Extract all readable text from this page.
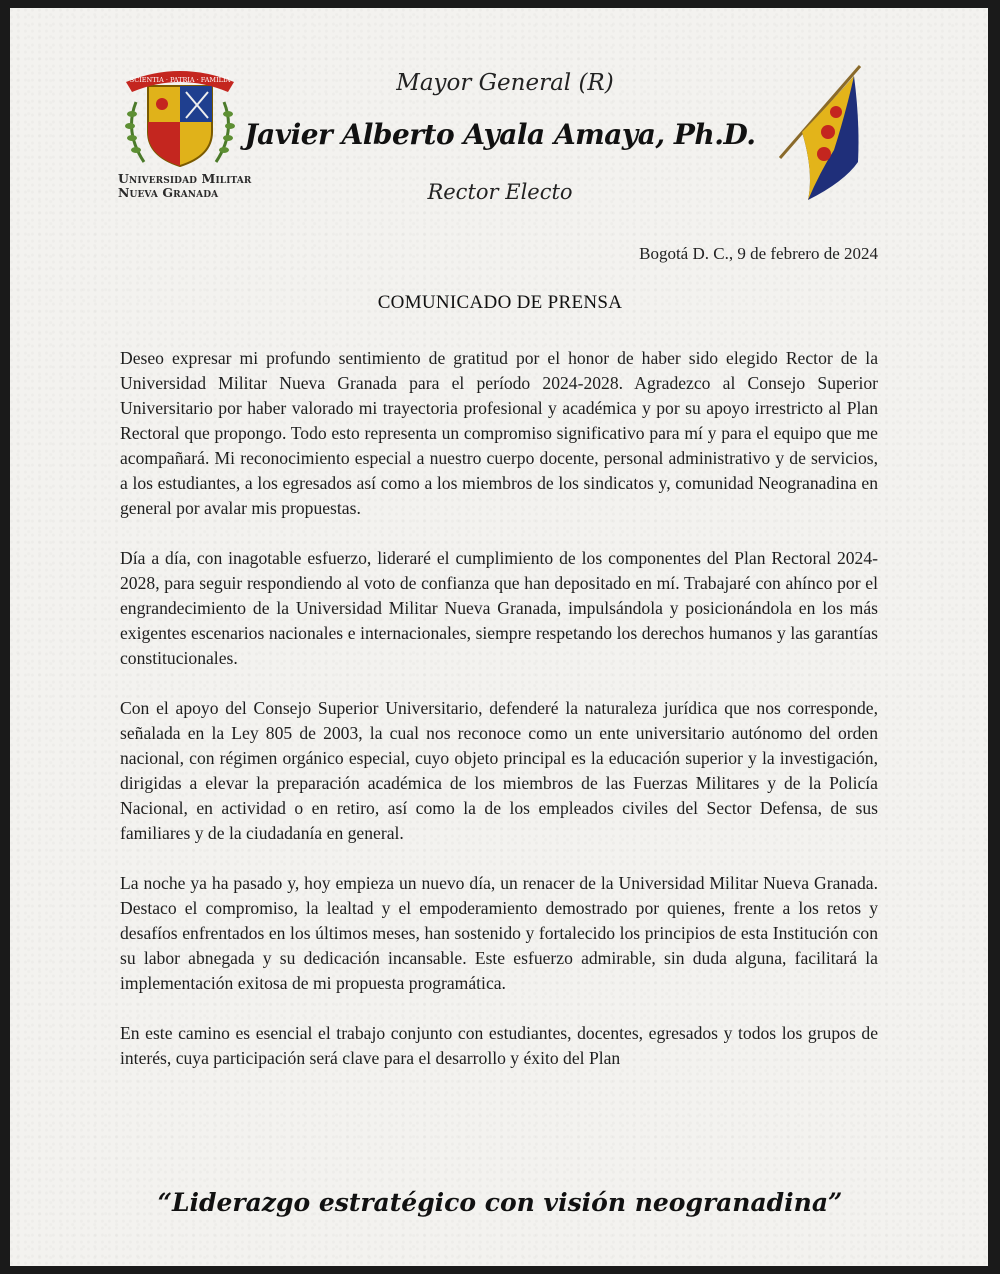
SCIENTIA · PATRIA · FAMILIA
Universidad Militar
Nueva Granada
Mayor General (R)
Javier Alberto Ayala Amaya, Ph.D.
Rector Electo
Bogotá D. C., 9 de febrero de 2024
COMUNICADO DE PRENSA

Deseo expresar mi profundo sentimiento de gratitud por el honor de haber sido elegido Rector de la Universidad Militar Nueva Granada para el período 2024-2028. Agradezco al Consejo Superior Universitario por haber valorado mi trayectoria profesional y académica y por su apoyo irrestricto al Plan Rectoral que propongo. Todo esto representa un compromiso significativo para mí y para el equipo que me acompañará. Mi reconocimiento especial a nuestro cuerpo docente, personal administrativo y de servicios, a los estudiantes, a los egresados así como a los miembros de los sindicatos y, comunidad Neogranadina en general por avalar mis propuestas.

Día a día, con inagotable esfuerzo, lideraré el cumplimiento de los componentes del Plan Rectoral 2024-2028, para seguir respondiendo al voto de confianza que han depositado en mí. Trabajaré con ahínco por el engrandecimiento de la Universidad Militar Nueva Granada, impulsándola y posicionándola en los más exigentes escenarios nacionales e internacionales, siempre respetando los derechos humanos y las garantías constitucionales.

Con el apoyo del Consejo Superior Universitario, defenderé la naturaleza jurídica que nos corresponde, señalada en la Ley 805 de 2003, la cual nos reconoce como un ente universitario autónomo del orden nacional, con régimen orgánico especial, cuyo objeto principal es la educación superior y la investigación, dirigidas a elevar la preparación académica de los miembros de las Fuerzas Militares y de la Policía Nacional, en actividad o en retiro, así como la de los empleados civiles del Sector Defensa, de sus familiares y de la ciudadanía en general.

La noche ya ha pasado y, hoy empieza un nuevo día, un renacer de la Universidad Militar Nueva Granada. Destaco el compromiso, la lealtad y el empoderamiento demostrado por quienes, frente a los retos y desafíos enfrentados en los últimos meses, han sostenido y fortalecido los principios de esta Institución con su labor abnegada y su dedicación incansable. Este esfuerzo admirable, sin duda alguna, facilitará la implementación exitosa de mi propuesta programática.

En este camino es esencial el trabajo conjunto con estudiantes, docentes, egresados y todos los grupos de interés, cuya participación será clave para el desarrollo y éxito del Plan

“Liderazgo estratégico con visión neogranadina”
